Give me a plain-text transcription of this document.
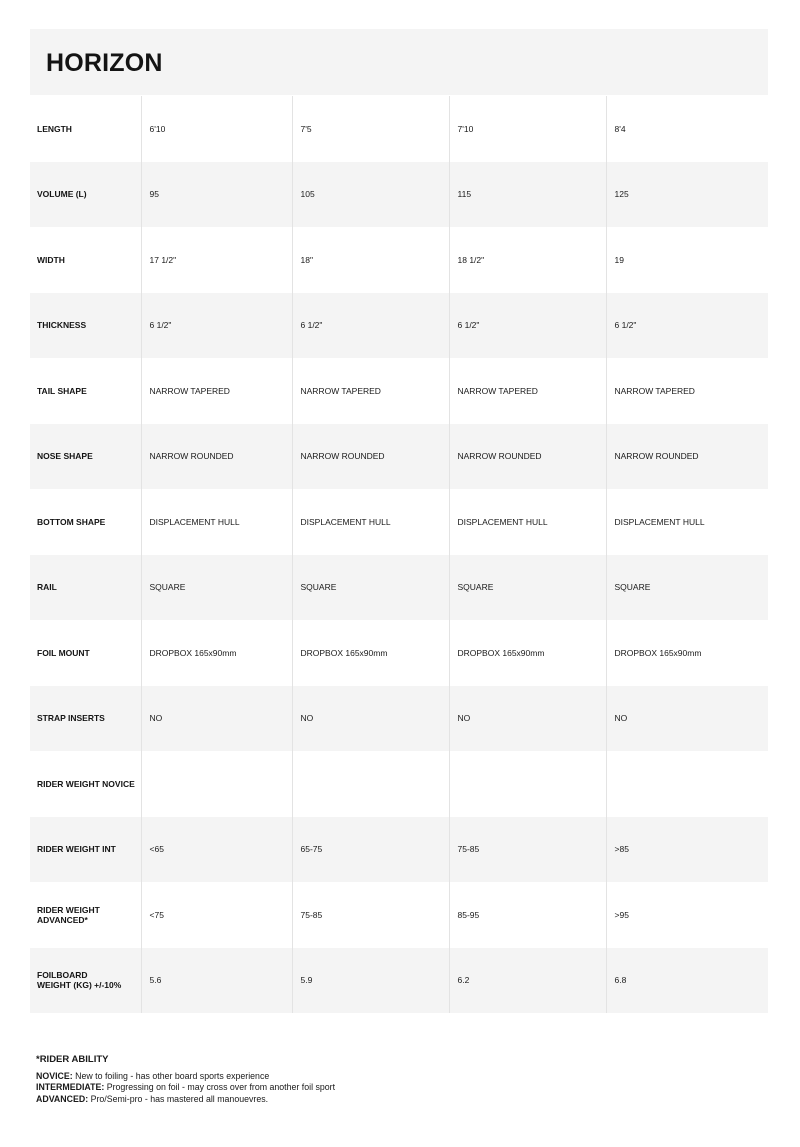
HORIZON
LENGTH	6'10	7'5	7'10	8'4
VOLUME (L)	95	105	115	125
WIDTH	17 1/2"	18"	18 1/2"	19
THICKNESS	6 1/2"	6 1/2"	6 1/2"	6 1/2"
TAIL SHAPE	NARROW TAPERED	NARROW TAPERED	NARROW TAPERED	NARROW TAPERED
NOSE SHAPE	NARROW ROUNDED	NARROW ROUNDED	NARROW ROUNDED	NARROW ROUNDED
BOTTOM SHAPE	DISPLACEMENT HULL	DISPLACEMENT HULL	DISPLACEMENT HULL	DISPLACEMENT HULL
RAIL	SQUARE	SQUARE	SQUARE	SQUARE
FOIL MOUNT	DROPBOX 165x90mm	DROPBOX 165x90mm	DROPBOX 165x90mm	DROPBOX 165x90mm
STRAP INSERTS	NO	NO	NO	NO
RIDER WEIGHT NOVICE				
RIDER WEIGHT INT	<65	65-75	75-85	>85
RIDER WEIGHT
ADVANCED*	<75	75-85	85-95	>95
FOILBOARD
WEIGHT (KG) +/-10%	5.6	5.9	6.2	6.8
*RIDER ABILITY
NOVICE: New to foiling - has other board sports experience
INTERMEDIATE: Progressing on foil - may cross over from another foil sport
ADVANCED: Pro/Semi-pro - has mastered all manouevres.
